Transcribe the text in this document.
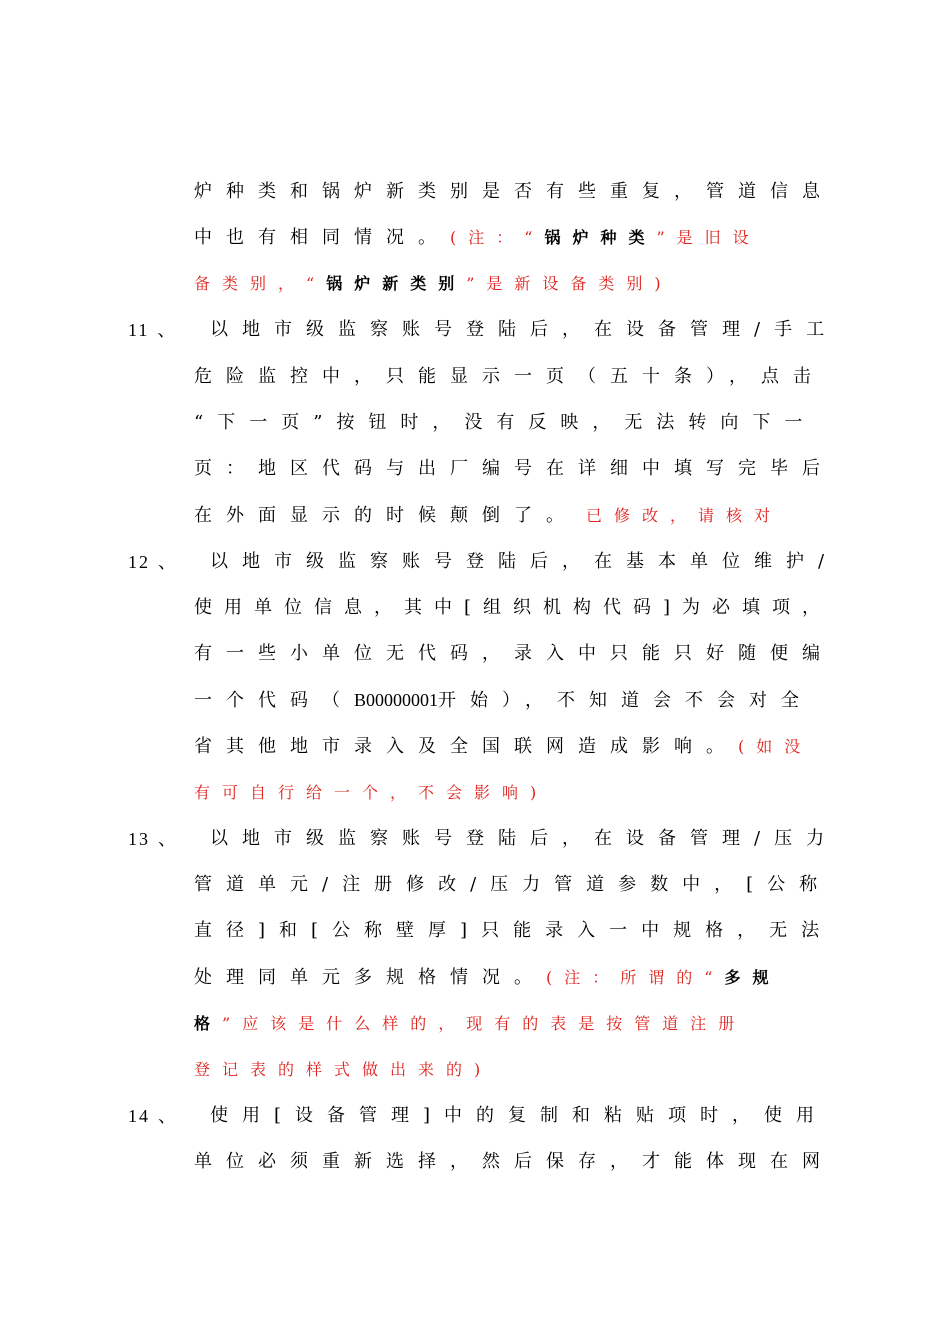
炉种类和锅炉新类别是否有些重复，管道信息
中也有相同情况。(注：“锅炉种类”是旧设
备类别，“锅炉新类别”是新设备类别)
11 、 以地市级监察账号登陆后，在设备管理/手工
危险监控中，只能显示一页（五十条），点击
“下一页”按钮时，没有反映，无法转向下一
页：地区代码与出厂编号在详细中填写完毕后
在外面显示的时候颠倒了。 已修改，请核对
12 、 以地市级监察账号登陆后，在基本单位维护/
使用单位信息，其中[组织机构代码]为必填项，
有一些小单位无代码，录入中只能只好随便编
一个代码（B00000001开始），不知道会不会对全
省其他地市录入及全国联网造成影响。(如没
有可自行给一个，不会影响)
13 、 以地市级监察账号登陆后，在设备管理/压力
管道单元/注册修改/压力管道参数中，[公称
直径]和[公称壁厚]只能录入一中规格，无法
处理同单元多规格情况。(注：所谓的“多规
格”应该是什么样的，现有的表是按管道注册
登记表的样式做出来的)
14 、 使用[设备管理]中的复制和粘贴项时，使用
单位必须重新选择，然后保存，才能体现在网
